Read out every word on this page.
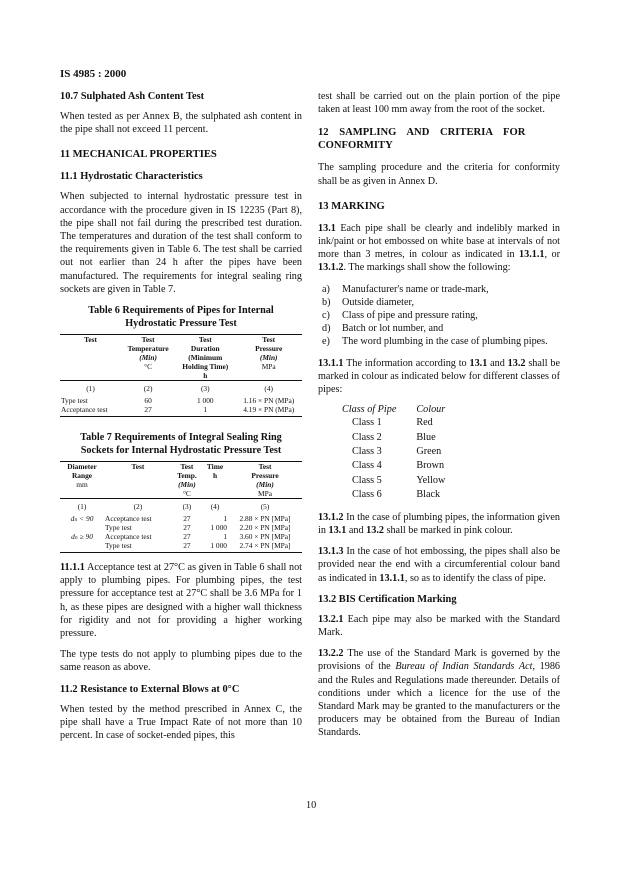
IS 4985 : 2000
10.7 Sulphated Ash Content Test

When tested as per Annex B, the sulphated ash content in the pipe shall not exceed 11 percent.

11 MECHANICAL PROPERTIES
11.1 Hydrostatic Characteristics

When subjected to internal hydrostatic pressure test in accordance with the procedure given in IS 12235 (Part 8), the pipe shall not fail during the prescribed test duration. The temperatures and duration of the test shall conform to the requirements given in Table 6. The test shall be carried out not earlier than 24 h after the pipes have been manufactured. The requirements for integral sealing ring sockets are given in Table 7.

Table 6 Requirements of Pipes for Internal
Hydrostatic Pressure Test
Test	Test	Test	Test
	Temperature	Duration	Pressure
	(Min)	(Minimum	(Min)
	°C	Holding Time)	MPa
		h	
(1)	(2)	(3)	(4)
Type test	60	1 000	1.16 × PN (MPa)
Acceptance test	27	1	4.19 × PN (MPa)
Table 7 Requirements of Integral Sealing Ring
Sockets for Internal Hydrostatic Pressure Test
Diameter	Test	Test	Time	Test
Range		Temp.	h	Pressure
mm		(Min)		(Min)
		°C		MPa
(1)	(2)	(3)	(4)	(5)
dₙ < 90	Acceptance test	27	1	2.88 × PN [MPa]
	Type test	27	1 000	2.20 × PN [MPa]
dₙ ≥ 90	Acceptance test	27	1	3.60 × PN [MPa]
	Type test	27	1 000	2.74 × PN [MPa]

11.1.1 Acceptance test at 27°C as given in Table 6 shall not apply to plumbing pipes. For plumbing pipes, the test pressure for acceptance test at 27°C shall be 3.6 MPa for 1 h, as these pipes are designed with a higher wall thickness for rigidity and not for providing a higher working pressure.

The type tests do not apply to plumbing pipes due to the same reason as above.

11.2 Resistance to External Blows at 0°C

When tested by the method prescribed in Annex C, the pipe shall have a True Impact Rate of not more than 10 percent. In case of socket-ended pipes, this

test shall be carried out on the plain portion of the pipe taken at least 100 mm away from the root of the socket.

12 SAMPLING AND CRITERIA FOR CONFORMITY

The sampling procedure and the criteria for conformity shall be as given in Annex D.

13 MARKING

13.1 Each pipe shall be clearly and indelibly marked in ink/paint or hot embossed on white base at intervals of not more than 3 metres, in colour as indicated in 13.1.1, or 13.1.2. The markings shall show the following:

a)	Manufacturer's name or trade-mark,
b)	Outside diameter,
c)	Class of pipe and pressure rating,
d)	Batch or lot number, and
e)	The word plumbing in the case of plumbing pipes.

13.1.1 The information according to 13.1 and 13.2 shall be marked in colour as indicated below for different classes of pipes:

Class of Pipe	Colour
Class 1	Red
Class 2	Blue
Class 3	Green
Class 4	Brown
Class 5	Yellow
Class 6	Black

13.1.2 In the case of plumbing pipes, the information given in 13.1 and 13.2 shall be marked in pink colour.

13.1.3 In the case of hot embossing, the pipes shall also be provided near the end with a circumferential colour band as indicated in 13.1.1, so as to identify the class of pipe.

13.2 BIS Certification Marking

13.2.1 Each pipe may also be marked with the Standard Mark.

13.2.2 The use of the Standard Mark is governed by the provisions of the Bureau of Indian Standards Act, 1986 and the Rules and Regulations made thereunder. Details of conditions under which a licence for the use of the Standard Mark may be granted to the manufacturers or the producers may be obtained from the Bureau of Indian Standards.

10
